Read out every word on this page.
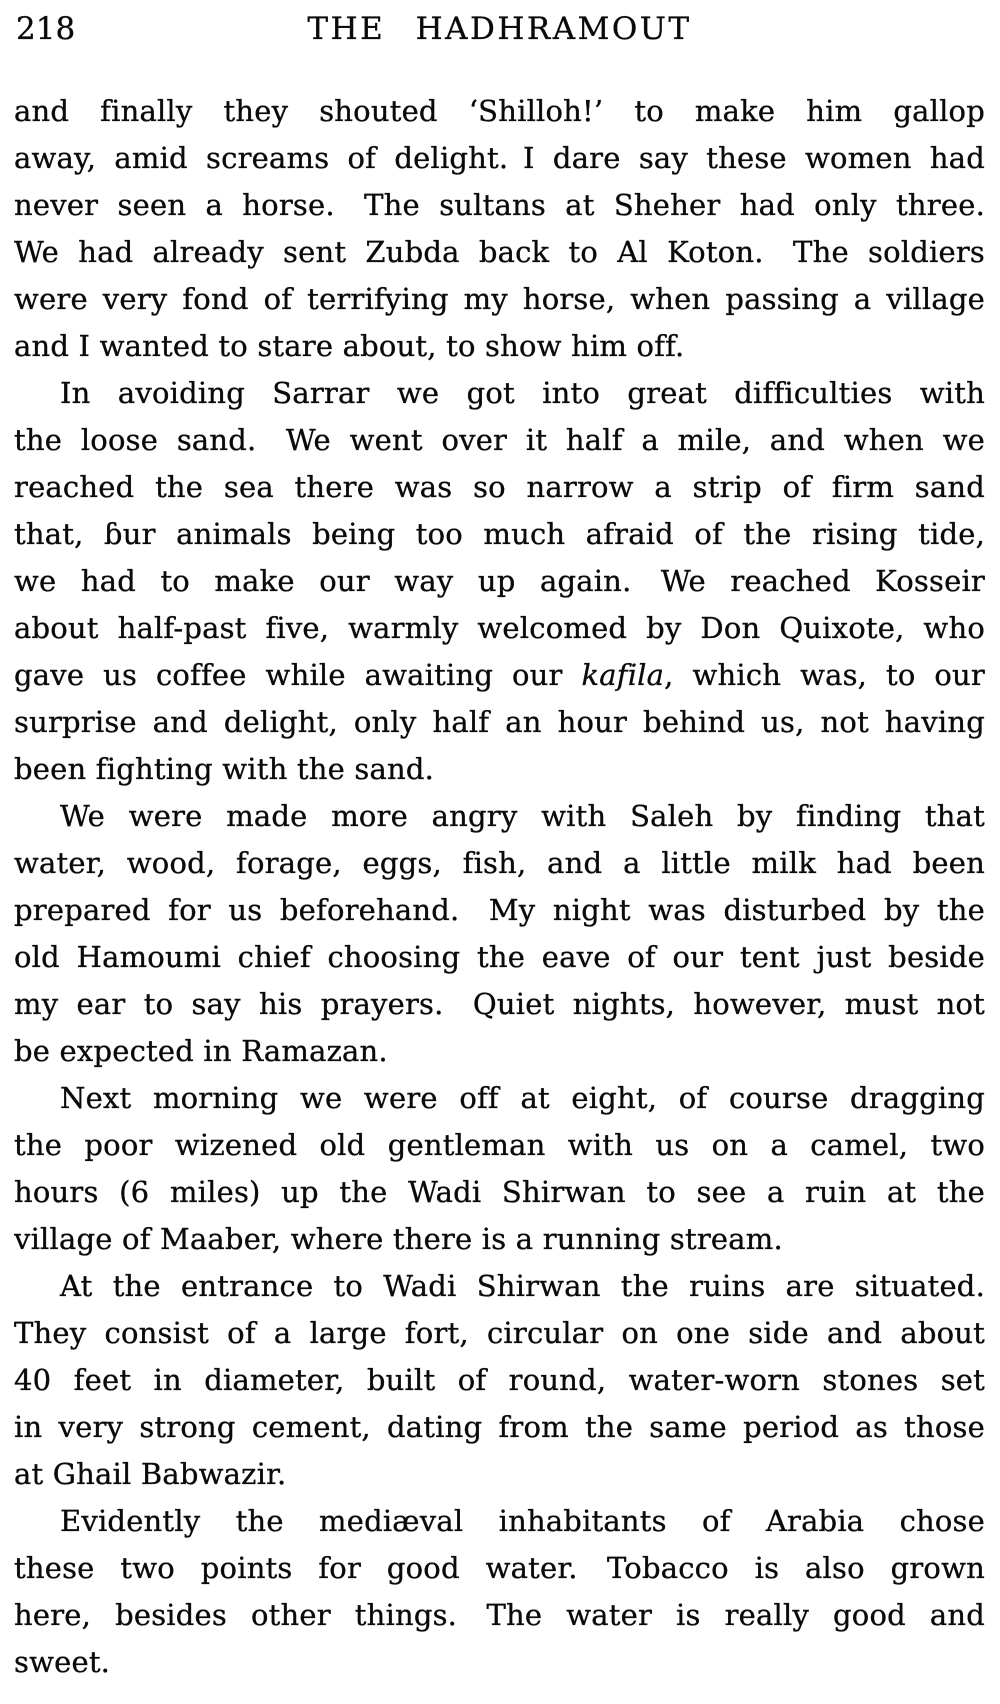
218	THE HADHRAMOUT

and finally they shouted ‘Shilloh!’ to make him gallop
away, amid screams of delight. I dare say these women had
never seen a horse.  The sultans at Sheher had only three.
We had already sent Zubda back to Al Koton.  The soldiers
were very fond of terrifying my horse, when passing a village
and I wanted to stare about, to show him off.

In avoiding Sarrar we got into great difficulties with
the loose sand.  We went over it half a mile, and when we
reached the sea there was so narrow a strip of firm sand
that, ɓur animals being too much afraid of the rising tide,
we had to make our way up again.  We reached Kosseir
about half-past five, warmly welcomed by Don Quixote, who
gave us coffee while awaiting our kafila, which was, to our
surprise and delight, only half an hour behind us, not having
been fighting with the sand.

We were made more angry with Saleh by finding that
water, wood, forage, eggs, fish, and a little milk had been
prepared for us beforehand.  My night was disturbed by the
old Hamoumi chief choosing the eave of our tent just beside
my ear to say his prayers.  Quiet nights, however, must not
be expected in Ramazan.

Next morning we were off at eight, of course dragging
the poor wizened old gentleman with us on a camel, two
hours (6 miles) up the Wadi Shirwan to see a ruin at the
village of Maaber, where there is a running stream.

At the entrance to Wadi Shirwan the ruins are situated.
They consist of a large fort, circular on one side and about
40 feet in diameter, built of round, water-worn stones set
in very strong cement, dating from the same period as those
at Ghail Babwazir.

Evidently the mediæval inhabitants of Arabia chose
these two points for good water.  Tobacco is also grown
here, besides other things.  The water is really good and
sweet.
